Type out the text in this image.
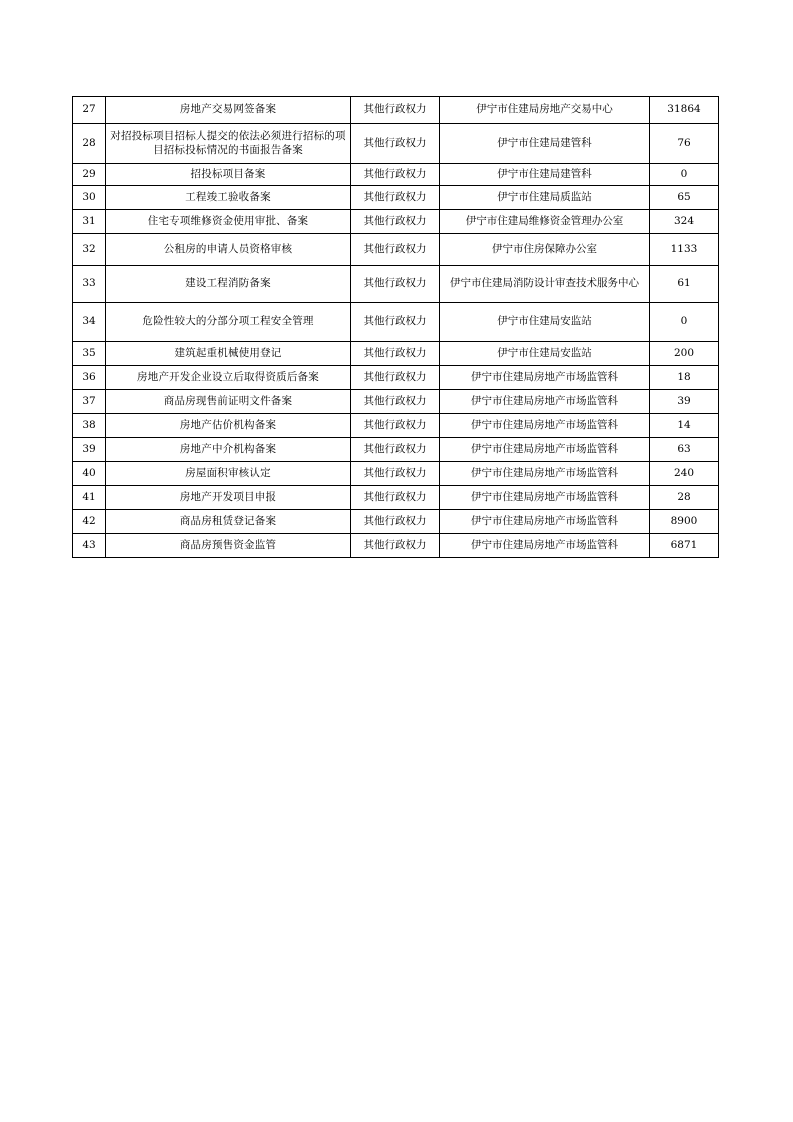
27	房地产交易网签备案	其他行政权力	伊宁市住建局房地产交易中心	31864
28	对招投标项目招标人提交的依法必须进行招标的项目招标投标情况的书面报告备案	其他行政权力	伊宁市住建局建管科	76
29	招投标项目备案	其他行政权力	伊宁市住建局建管科	0
30	工程竣工验收备案	其他行政权力	伊宁市住建局质监站	65
31	住宅专项维修资金使用审批、备案	其他行政权力	伊宁市住建局维修资金管理办公室	324
32	公租房的申请人员资格审核	其他行政权力	伊宁市住房保障办公室	1133
33	建设工程消防备案	其他行政权力	伊宁市住建局消防设计审查技术服务中心	61
34	危险性较大的分部分项工程安全管理	其他行政权力	伊宁市住建局安监站	0
35	建筑起重机械使用登记	其他行政权力	伊宁市住建局安监站	200
36	房地产开发企业设立后取得资质后备案	其他行政权力	伊宁市住建局房地产市场监管科	18
37	商品房现售前证明文件备案	其他行政权力	伊宁市住建局房地产市场监管科	39
38	房地产估价机构备案	其他行政权力	伊宁市住建局房地产市场监管科	14
39	房地产中介机构备案	其他行政权力	伊宁市住建局房地产市场监管科	63
40	房屋面积审核认定	其他行政权力	伊宁市住建局房地产市场监管科	240
41	房地产开发项目申报	其他行政权力	伊宁市住建局房地产市场监管科	28
42	商品房租赁登记备案	其他行政权力	伊宁市住建局房地产市场监管科	8900
43	商品房预售资金监管	其他行政权力	伊宁市住建局房地产市场监管科	6871
